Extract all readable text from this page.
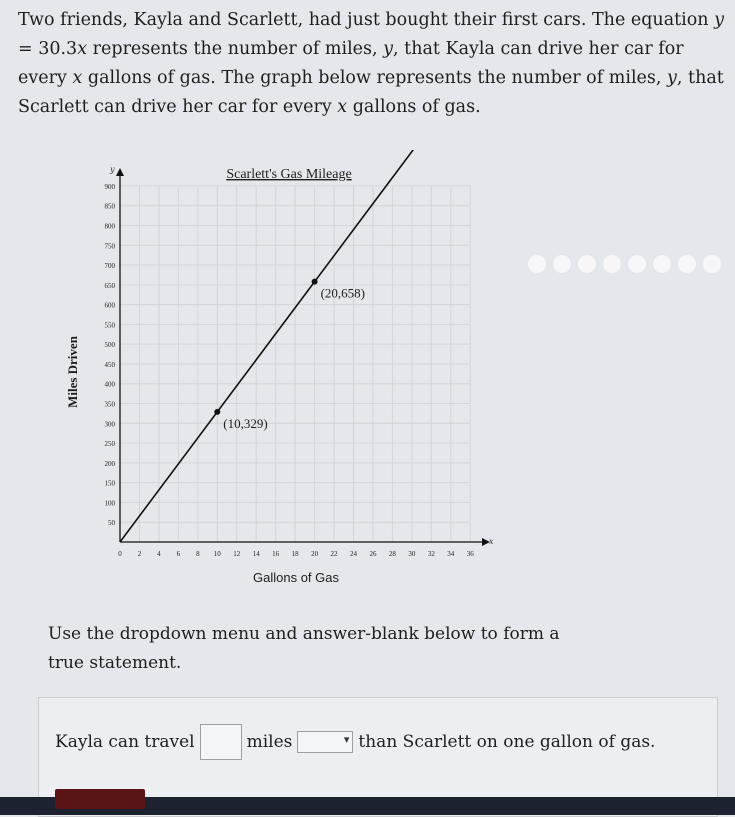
Two friends, Kayla and Scarlett, had just bought their first cars. The equation y = 30.3x represents the number of miles, y, that Kayla can drive her car for every x gallons of gas. The graph below represents the number of miles, y, that Scarlett can drive her car for every x gallons of gas.
0 2 4 6 8 10 12 14 16 18 20 22 24 26 28 30 32 34 36
50
100
150
200
250
300
350
400
450
500
550
600
650
700
750
800
850
900
(10,329)
(20,658)
Scarlett's Gas Mileage
Gallons of Gas
Miles Driven
x
y
Use the dropdown menu and answer-blank below to form a true statement.
Kayla can travel	miles	▾ than Scarlett on one gallon of gas.
